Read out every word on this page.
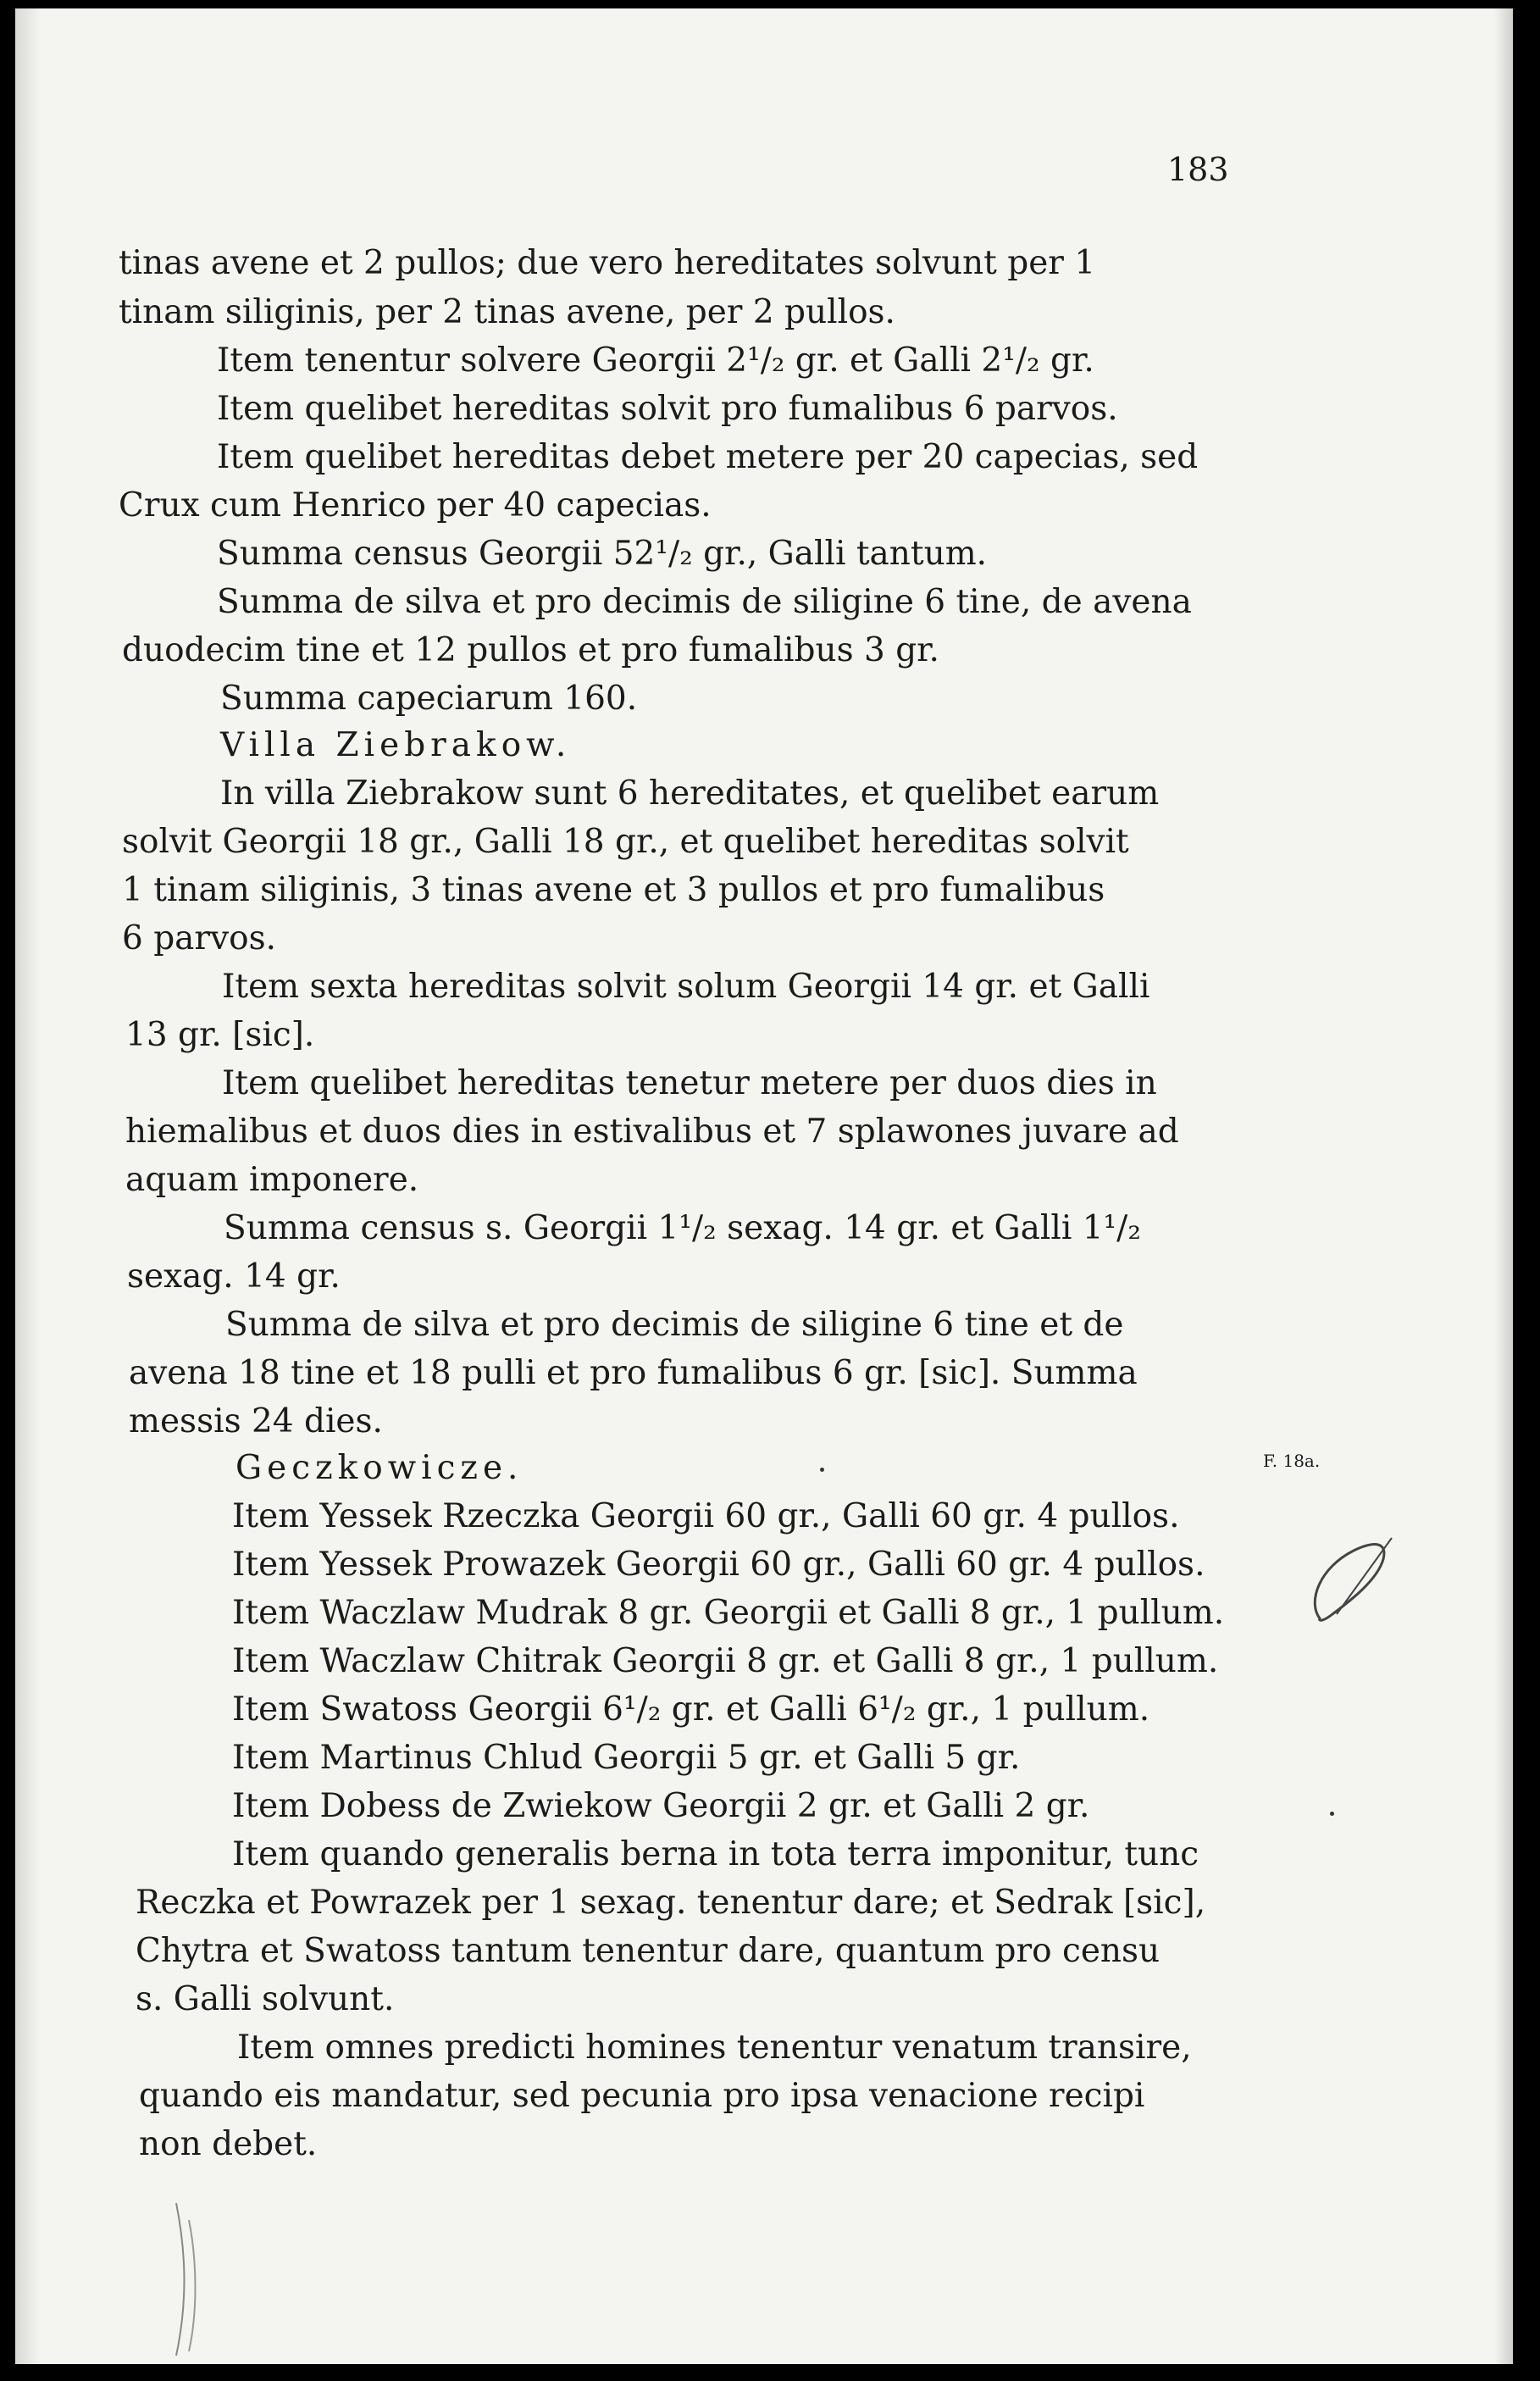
183
tinas avene et 2 pullos; due vero hereditates solvunt per 1
tinam siliginis, per 2 tinas avene, per 2 pullos.
Item tenentur solvere Georgii 2¹/₂ gr. et Galli 2¹/₂ gr.
Item quelibet hereditas solvit pro fumalibus 6 parvos.
Item quelibet hereditas debet metere per 20 capecias, sed
Crux cum Henrico per 40 capecias.
Summa census Georgii 52¹/₂ gr., Galli tantum.
Summa de silva et pro decimis de siligine 6 tine, de avena
duodecim tine et 12 pullos et pro fumalibus 3 gr.
Summa capeciarum 160.
Villa Ziebrakow.
In villa Ziebrakow sunt 6 hereditates, et quelibet earum
solvit Georgii 18 gr., Galli 18 gr., et quelibet hereditas solvit
1 tinam siliginis, 3 tinas avene et 3 pullos et pro fumalibus
6 parvos.
Item sexta hereditas solvit solum Georgii 14 gr. et Galli
13 gr. [sic].
Item quelibet hereditas tenetur metere per duos dies in
hiemalibus et duos dies in estivalibus et 7 splawones juvare ad
aquam imponere.
Summa census s. Georgii 1¹/₂ sexag. 14 gr. et Galli 1¹/₂
sexag. 14 gr.
Summa de silva et pro decimis de siligine 6 tine et de
avena 18 tine et 18 pulli et pro fumalibus 6 gr. [sic]. Summa
messis 24 dies.
Geczkowicze.
Item Yessek Rzeczka Georgii 60 gr., Galli 60 gr. 4 pullos.
Item Yessek Prowazek Georgii 60 gr., Galli 60 gr. 4 pullos.
Item Waczlaw Mudrak 8 gr. Georgii et Galli 8 gr., 1 pullum.
Item Waczlaw Chitrak Georgii 8 gr. et Galli 8 gr., 1 pullum.
Item Swatoss Georgii 6¹/₂ gr. et Galli 6¹/₂ gr., 1 pullum.
Item Martinus Chlud Georgii 5 gr. et Galli 5 gr.
Item Dobess de Zwiekow Georgii 2 gr. et Galli 2 gr.
Item quando generalis berna in tota terra imponitur, tunc
Reczka et Powrazek per 1 sexag. tenentur dare; et Sedrak [sic],
Chytra et Swatoss tantum tenentur dare, quantum pro censu
s. Galli solvunt.
Item omnes predicti homines tenentur venatum transire,
quando eis mandatur, sed pecunia pro ipsa venacione recipi
non debet.
F. 18a.
